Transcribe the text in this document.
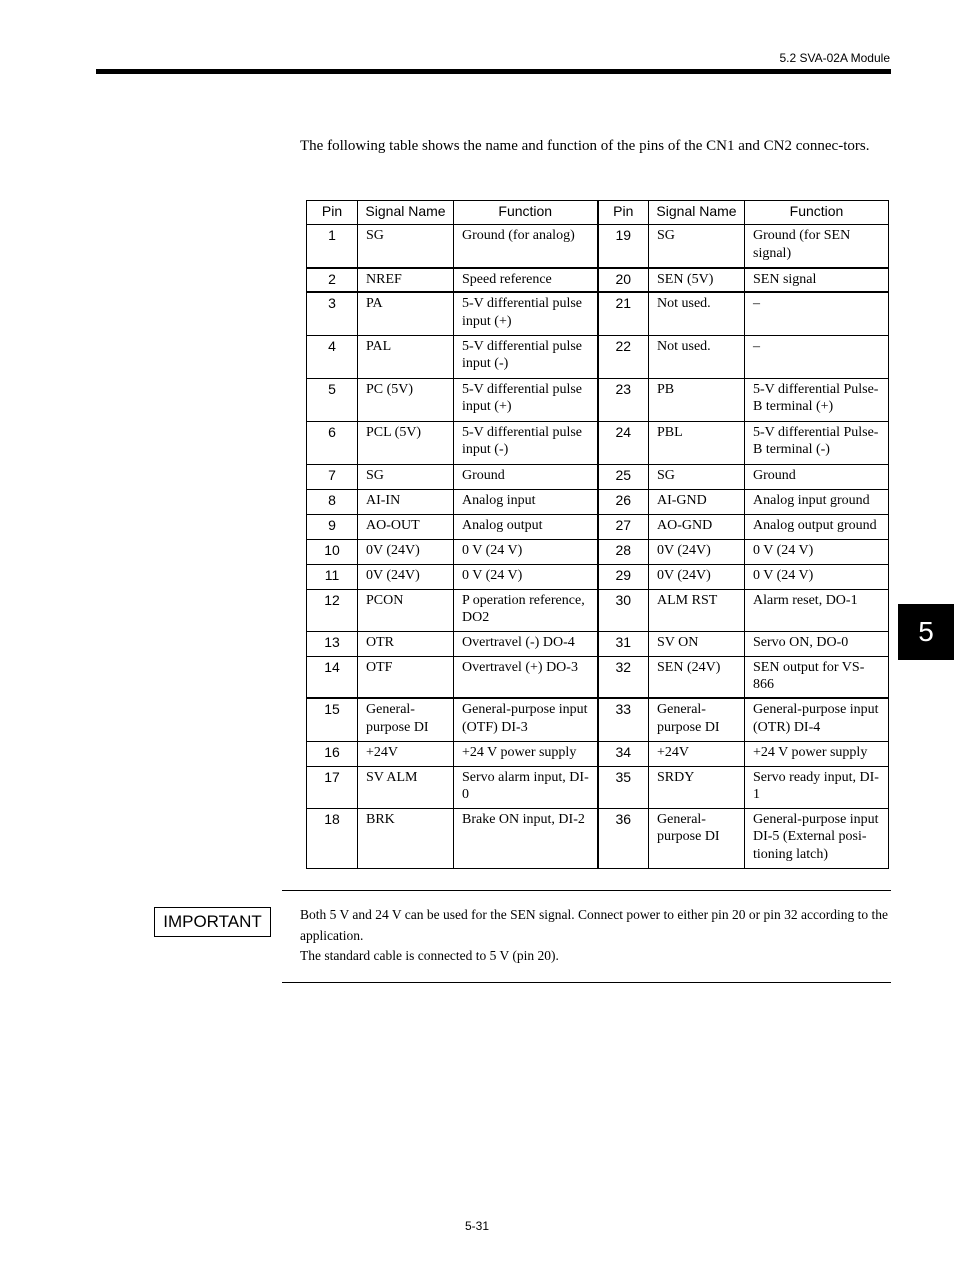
5.2 SVA-02A Module
The following table shows the name and function of the pins of the CN1 and CN2 connec-tors.
Pin	Signal Name	Function	Pin	Signal Name	Function
1	SG	Ground (for analog)	19	SG	Ground (for SEN signal)
2	NREF	Speed reference	20	SEN (5V)	SEN signal
3	PA	5-V differential pulse input (+)	21	Not used.	–
4	PAL	5-V differential pulse input (-)	22	Not used.	–
5	PC (5V)	5-V differential pulse input (+)	23	PB	5-V differential Pulse-B terminal (+)
6	PCL (5V)	5-V differential pulse input (-)	24	PBL	5-V differential Pulse-B terminal (-)
7	SG	Ground	25	SG	Ground
8	AI-IN	Analog input	26	AI-GND	Analog input ground
9	AO-OUT	Analog output	27	AO-GND	Analog output ground
10	0V (24V)	0 V (24 V)	28	0V (24V)	0 V (24 V)
11	0V (24V)	0 V (24 V)	29	0V (24V)	0 V (24 V)
12	PCON	P operation reference, DO2	30	ALM RST	Alarm reset, DO-1
13	OTR	Overtravel (-) DO-4	31	SV ON	Servo ON, DO-0
14	OTF	Overtravel (+) DO-3	32	SEN (24V)	SEN output for VS-866
15	General-purpose DI	General-purpose input (OTF) DI-3	33	General-purpose DI	General-purpose input (OTR) DI-4
16	+24V	+24 V power supply	34	+24V	+24 V power supply
17	SV ALM	Servo alarm input, DI-0	35	SRDY	Servo ready input, DI-1
18	BRK	Brake ON input, DI-2	36	General-purpose DI	General-purpose input DI-5 (External posi-tioning latch)
IMPORTANT	Both 5 V and 24 V can be used for the SEN signal. Connect power to either pin 20 or pin 32 according to the application.

The standard cable is connected to 5 V (pin 20).

5
5-31
